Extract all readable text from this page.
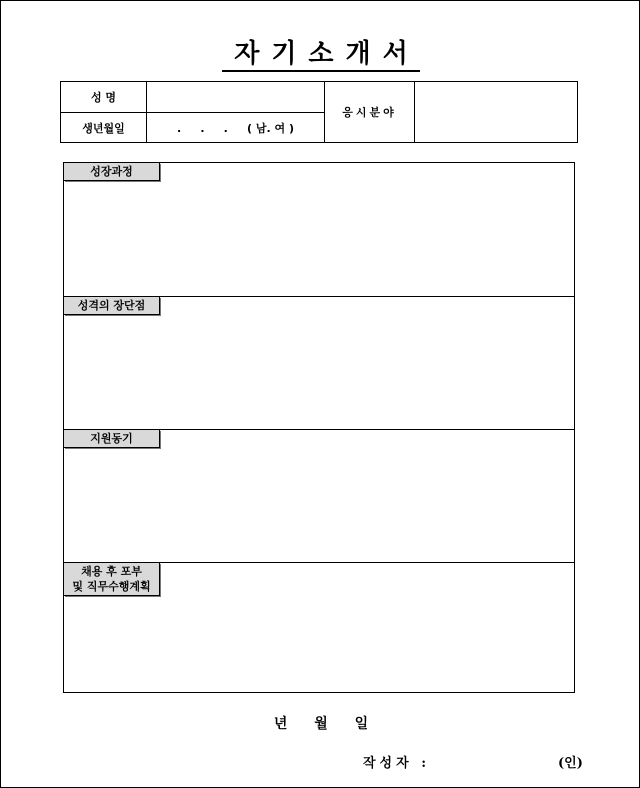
자기소개서
성 명
생년월일	.     .     .     ( 남. 여 )
응시분야
성장과정
성격의 장단점
지원동기
채용 후 포부
및 직무수행계획
년 월 일
작성자 :	(인)
